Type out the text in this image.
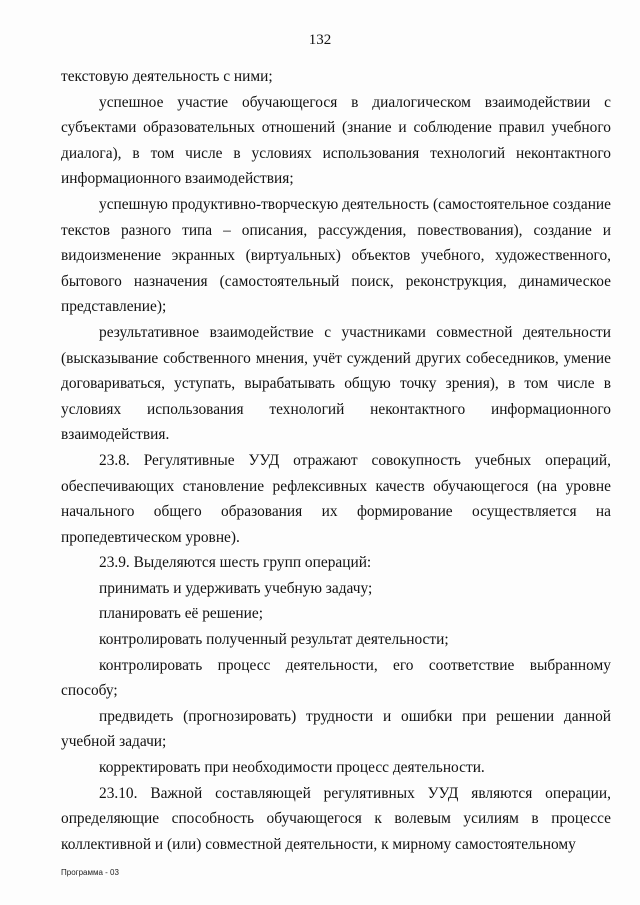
132

текстовую деятельность с ними;

успешное участие обучающегося в диалогическом взаимодействии с субъектами образовательных отношений (знание и соблюдение правил учебного диалога), в том числе в условиях использования технологий неконтактного информационного взаимодействия;

успешную продуктивно-творческую деятельность (самостоятельное создание текстов разного типа – описания, рассуждения, повествования), создание и видоизменение экранных (виртуальных) объектов учебного, художественного, бытового назначения (самостоятельный поиск, реконструкция, динамическое представление);

результативное взаимодействие с участниками совместной деятельности (высказывание собственного мнения, учёт суждений других собеседников, умение договариваться, уступать, вырабатывать общую точку зрения), в том числе в условиях использования технологий неконтактного информационного взаимодействия.

23.8. Регулятивные УУД отражают совокупность учебных операций, обеспечивающих становление рефлексивных качеств обучающегося (на уровне начального общего образования их формирование осуществляется на пропедевтическом уровне).

23.9. Выделяются шесть групп операций:

принимать и удерживать учебную задачу;

планировать её решение;

контролировать полученный результат деятельности;

контролировать процесс деятельности, его соответствие выбранному способу;

предвидеть (прогнозировать) трудности и ошибки при решении данной учебной задачи;

корректировать при необходимости процесс деятельности.

23.10. Важной составляющей регулятивных УУД являются операции, определяющие способность обучающегося к волевым усилиям в процессе коллективной и (или) совместной деятельности, к мирному самостоятельному

Программа - 03
